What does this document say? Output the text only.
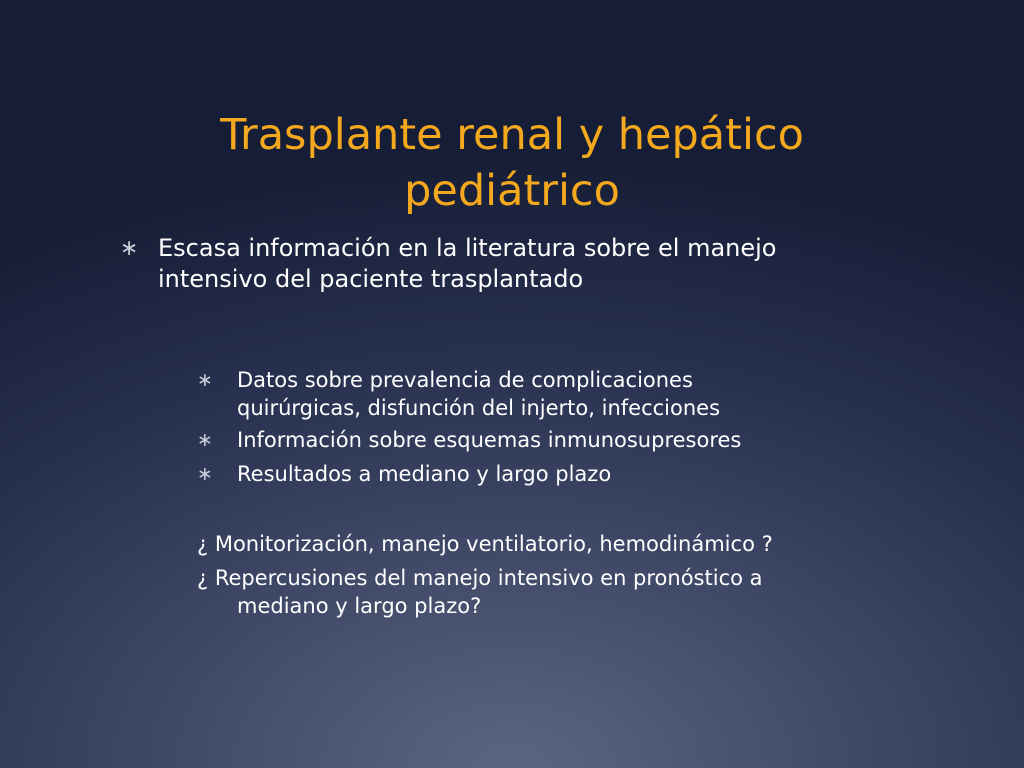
Trasplante renal y hepático
pediátrico
∗ Escasa información en la literatura sobre el manejo
intensivo del paciente trasplantado
∗ Datos sobre prevalencia de complicaciones
quirúrgicas, disfunción del injerto, infecciones
∗ Información sobre esquemas inmunosupresores
∗ Resultados a mediano y largo plazo
¿ Monitorización, manejo ventilatorio, hemodinámico ?
¿ Repercusiones del manejo intensivo en pronóstico a
mediano y largo plazo?
